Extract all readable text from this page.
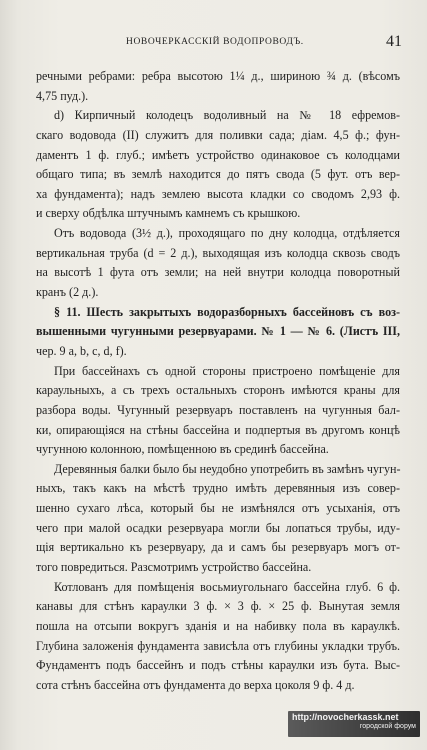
НОВОЧЕРКАССКІЙ ВОДОПРОВОДЪ.	41
речными ребрами: ребра высотою 1¼ д., шириною ¾ д. (вѣсомъ
4,75 пуд.).
d) Кирпичный колодецъ водоливный на № 18 ефремов-
скаго водовода (II) служитъ для поливки сада; діам. 4,5 ф.; фун-
даментъ 1 ф. глуб.; имѣетъ устройство одинаковое съ колодцами
общаго типа; въ землѣ находится до пятъ свода (5 фут. отъ вер-
ха фундамента); надъ землею высота кладки со сводомъ 2,93 ф.
и сверху обдѣлка штучнымъ камнемъ съ крышкою.
Отъ водовода (3½ д.), проходящаго по дну колодца, отдѣляется
вертикальная труба (d = 2 д.), выходящая изъ колодца сквозь сводъ
на высотѣ 1 фута отъ земли; на ней внутри колодца поворотный
кранъ (2 д.).
§ 11. Шесть закрытыхъ водоразборныхъ бассейновъ съ воз-
вышенными чугунными резервуарами. № 1 — № 6. (Листъ III,
чер. 9 a, b, c, d, f).
При бассейнахъ съ одной стороны пристроено помѣщеніе для
караульныхъ, а съ трехъ остальныхъ сторонъ имѣются краны для
разбора воды. Чугунный резервуаръ поставленъ на чугунныя бал-
ки, опирающіяся на стѣны бассейна и подпертыя въ другомъ концѣ
чугунною колонною, помѣщенною въ срединѣ бассейна.
Деревянныя балки было бы неудобно употребить въ замѣнъ чугун-
ныхъ, такъ какъ на мѣстѣ трудно имѣть деревянныя изъ совер-
шенно сухаго лѣса, который бы не измѣнялся отъ усыханія, отъ
чего при малой осадки резервуара могли бы лопаться трубы, иду-
щія вертикально къ резервуару, да и самъ бы резервуаръ могъ от-
того повредиться. Разсмотримъ устройство бассейна.
Котлованъ для помѣщенія восьмиугольнаго бассейна глуб. 6 ф.
канавы для стѣнъ караулки 3 ф. × 3 ф. × 25 ф. Вынутая земля
пошла на отсыпи вокругъ зданія и на набивку пола въ караулкѣ.
Глубина заложенія фундамента зависѣла отъ глубины укладки трубъ.
Фундаментъ подъ бассейнъ и подъ стѣны караулки изъ бута. Выс-
сота стѣнъ бассейна отъ фундамента до верха цоколя 9 ф. 4 д.
http://novocherkassk.net
городской форум
